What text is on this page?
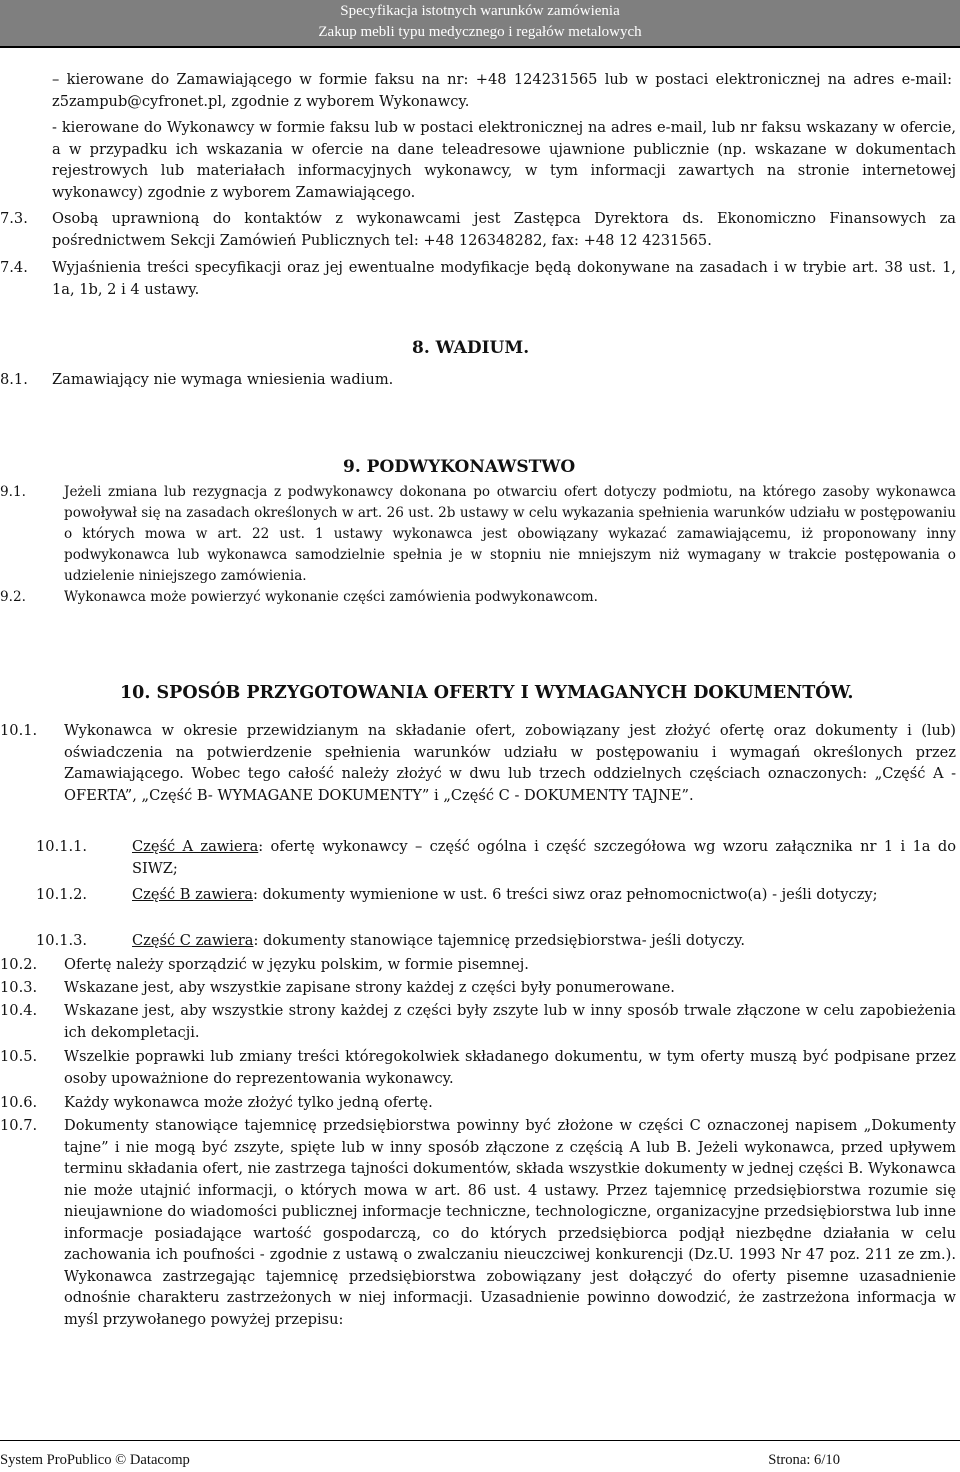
Specyfikacja istotnych warunków zamówienia
Zakup mebli typu medycznego i regałów metalowych
– kierowane do Zamawiającego w formie faksu na nr: +48 124231565 lub w postaci elektronicznej na adres e-mail: z5zampub@cyfronet.pl, zgodnie z wyborem Wykonawcy.
- kierowane do Wykonawcy w formie faksu lub w postaci elektronicznej na adres e-mail, lub nr faksu wskazany w ofercie, a w przypadku ich wskazania w ofercie na dane teleadresowe ujawnione publicznie (np. wskazane w dokumentach rejestrowych lub materiałach informacyjnych wykonawcy, w tym informacji zawartych na stronie internetowej wykonawcy) zgodnie z wyborem Zamawiającego.
7.3. Osobą uprawnioną do kontaktów z wykonawcami jest Zastępca Dyrektora ds. Ekonomiczno Finansowych za pośrednictwem Sekcji Zamówień Publicznych tel: +48 126348282, fax: +48 12 4231565.
7.4. Wyjaśnienia treści specyfikacji oraz jej ewentualne modyfikacje będą dokonywane na zasadach i w trybie art. 38 ust. 1, 1a, 1b, 2 i 4 ustawy.
8. WADIUM.
8.1. Zamawiający nie wymaga wniesienia wadium.
9. PODWYKONAWSTWO
9.1.	Jeżeli zmiana lub rezygnacja z podwykonawcy dokonana po otwarciu ofert dotyczy podmiotu, na którego zasoby wykonawca powoływał się na zasadach określonych w art. 26 ust. 2b ustawy w celu wykazania spełnienia warunków udziału w postępowaniu o których mowa w art. 22 ust. 1 ustawy wykonawca jest obowiązany wykazać zamawiającemu, iż proponowany inny podwykonawca lub wykonawca samodzielnie spełnia je w stopniu nie mniejszym niż wymagany w trakcie postępowania o udzielenie niniejszego zamówienia.
9.2.	Wykonawca może powierzyć wykonanie części zamówienia podwykonawcom.
10. SPOSÓB PRZYGOTOWANIA OFERTY I WYMAGANYCH DOKUMENTÓW.
10.1. Wykonawca w okresie przewidzianym na składanie ofert, zobowiązany jest złożyć ofertę oraz dokumenty i (lub) oświadczenia na potwierdzenie spełnienia warunków udziału w postępowaniu i wymagań określonych przez Zamawiającego. Wobec tego całość należy złożyć w dwu lub trzech oddzielnych częściach oznaczonych: „Część A - OFERTA”, „Część B- WYMAGANE DOKUMENTY” i „Część C - DOKUMENTY TAJNE”.
10.1.1.	Część A zawiera: ofertę wykonawcy – część ogólna i część szczegółowa wg wzoru załącznika nr 1 i 1a do SIWZ;
10.1.2.	Część B zawiera: dokumenty wymienione w ust. 6 treści siwz oraz pełnomocnictwo(a) - jeśli dotyczy;
10.1.3.	Część C zawiera: dokumenty stanowiące tajemnicę przedsiębiorstwa- jeśli dotyczy.
10.2. Ofertę należy sporządzić w języku polskim, w formie pisemnej.
10.3. Wskazane jest, aby wszystkie zapisane strony każdej z części były ponumerowane.
10.4. Wskazane jest, aby wszystkie strony każdej z części były zszyte lub w inny sposób trwale złączone w celu zapobieżenia ich dekompletacji.
10.5. Wszelkie poprawki lub zmiany treści któregokolwiek składanego dokumentu, w tym oferty muszą być podpisane przez osoby upoważnione do reprezentowania wykonawcy.
10.6. Każdy wykonawca może złożyć tylko jedną ofertę.
10.7. Dokumenty stanowiące tajemnicę przedsiębiorstwa powinny być złożone w części C oznaczonej napisem „Dokumenty tajne” i nie mogą być zszyte, spięte lub w inny sposób złączone z częścią A lub B. Jeżeli wykonawca, przed upływem terminu składania ofert, nie zastrzega tajności dokumentów, składa wszystkie dokumenty w jednej części B. Wykonawca nie może utajnić informacji, o których mowa w art. 86 ust. 4 ustawy. Przez tajemnicę przedsiębiorstwa rozumie się nieujawnione do wiadomości publicznej informacje techniczne, technologiczne, organizacyjne przedsiębiorstwa lub inne informacje posiadające wartość gospodarczą, co do których przedsiębiorca podjął niezbędne działania w celu zachowania ich poufności - zgodnie z ustawą o zwalczaniu nieuczciwej konkurencji (Dz.U. 1993 Nr 47 poz. 211 ze zm.). Wykonawca zastrzegając tajemnicę przedsiębiorstwa zobowiązany jest dołączyć do oferty pisemne uzasadnienie odnośnie charakteru zastrzeżonych w niej informacji. Uzasadnienie powinno dowodzić, że zastrzeżona informacja w myśl przywołanego powyżej przepisu:
System ProPublico © Datacomp	Strona: 6/10
